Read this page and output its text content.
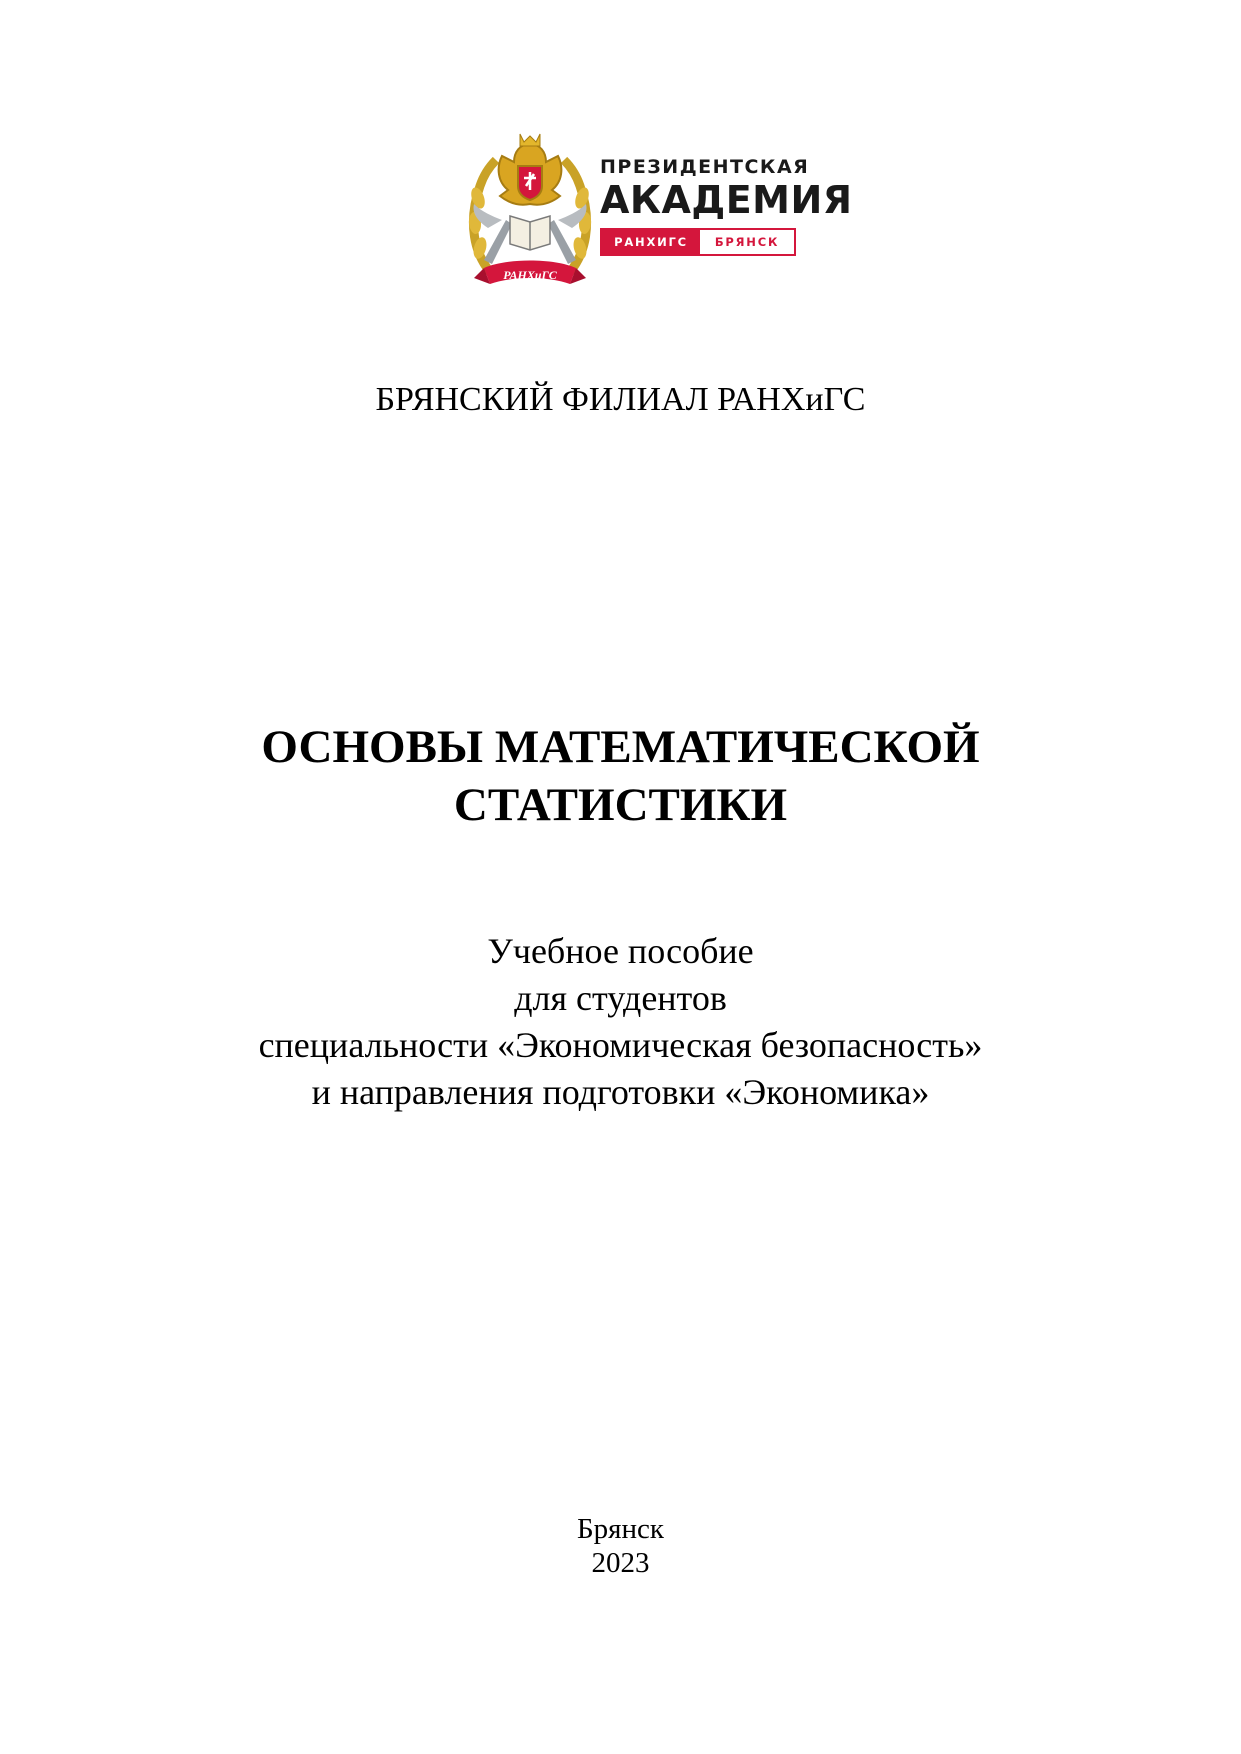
РАНХиГС
ПРЕЗИДЕНТСКАЯ
АКАДЕМИЯ
РАНХИГС	БРЯНСК
БРЯНСКИЙ ФИЛИАЛ РАНХиГС
ОСНОВЫ МАТЕМАТИЧЕСКОЙ
СТАТИСТИКИ
Учебное пособие
для студентов
специальности «Экономическая безопасность»
и направления подготовки «Экономика»
Брянск
2023
